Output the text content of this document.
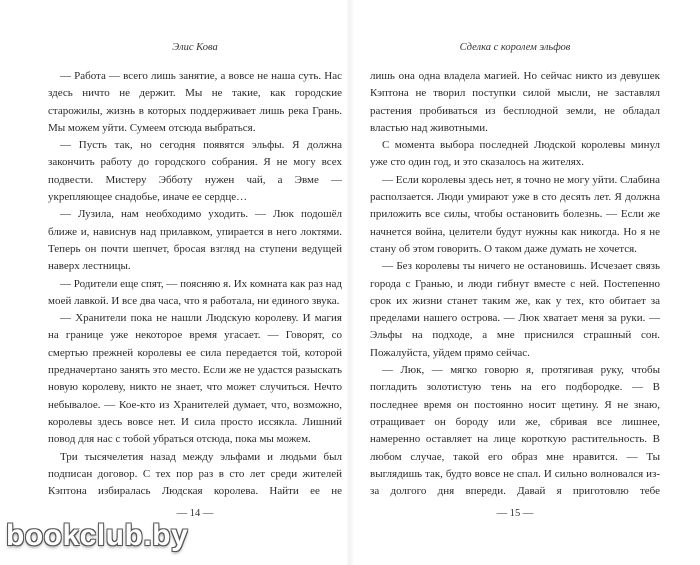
Элис Кова

— Работа — всего лишь занятие, а вовсе не наша суть. Нас здесь ничто не держит. Мы не такие, как городские старожилы, жизнь в которых поддерживает лишь река Грань. Мы можем уйти. Сумеем отсюда выбраться.

— Пусть так, но сегодня появятся эльфы. Я должна закончить работу до городского собрания. Я не могу всех подвести. Мистеру Эбботу нужен чай, а Эвме — укрепляющее снадобье, иначе ее сердце…

— Лузила, нам необходимо уходить. — Люк подошёл ближе и, нависнув над прилавком, упирается в него локтями. Теперь он почти шепчет, бросая взгляд на ступени ведущей наверх лестницы.

— Родители еще спят, — поясняю я. Их комната как раз над моей лавкой. И все два часа, что я работала, ни единого звука.

— Хранители пока не нашли Людскую королеву. И магия на границе уже некоторое время угасает. — Говорят, со смертью прежней королевы ее сила передается той, которой предначертано занять это место. Если же не удастся разыскать новую королеву, никто не знает, что может случиться. Нечто небывалое. — Кое-кто из Хранителей думает, что, возможно, королевы здесь вовсе нет. И сила просто иссякла. Лишний повод для нас с тобой убраться отсюда, пока мы можем.

Три тысячелетия назад между эльфами и людьми был подписан договор. С тех пор раз в сто лет среди жителей Кэптона избиралась Людская королева. Найти ее не

— 14 —
Сделка с королем эльфов

лишь она одна владела магией. Но сейчас никто из девушек Кэптона не творил поступки силой мысли, не заставлял растения пробиваться из бесплодной земли, не обладал властью над животными.

С момента выбора последней Людской королевы минул уже сто один год, и это сказалось на жителях.

— Если королевы здесь нет, я точно не могу уйти. Слабина расползается. Люди умирают уже в сто десять лет. Я должна приложить все силы, чтобы остановить болезнь. — Если же начнется война, целители будут нужны как никогда. Но я не стану об этом говорить. О таком даже думать не хочется.

— Без королевы ты ничего не остановишь. Исчезает связь города с Гранью, и люди гибнут вместе с ней. Постепенно срок их жизни станет таким же, как у тех, кто обитает за пределами нашего острова. — Люк хватает меня за руки. — Эльфы на подходе, а мне приснился страшный сон. Пожалуйста, уйдем прямо сейчас.

— Люк, — мягко говорю я, протягивая руку, чтобы погладить золотистую тень на его подбородке. — В последнее время он постоянно носит щетину. Я не знаю, отращивает он бороду или же, сбривая все лишнее, намеренно оставляет на лице короткую растительность. В любом случае, такой его образ мне нравится. — Ты выглядишь так, будто вовсе не спал. И сильно волновался из-за долгого дня впереди. Давай я приготовлю тебе

— 15 —
bookclub.by
